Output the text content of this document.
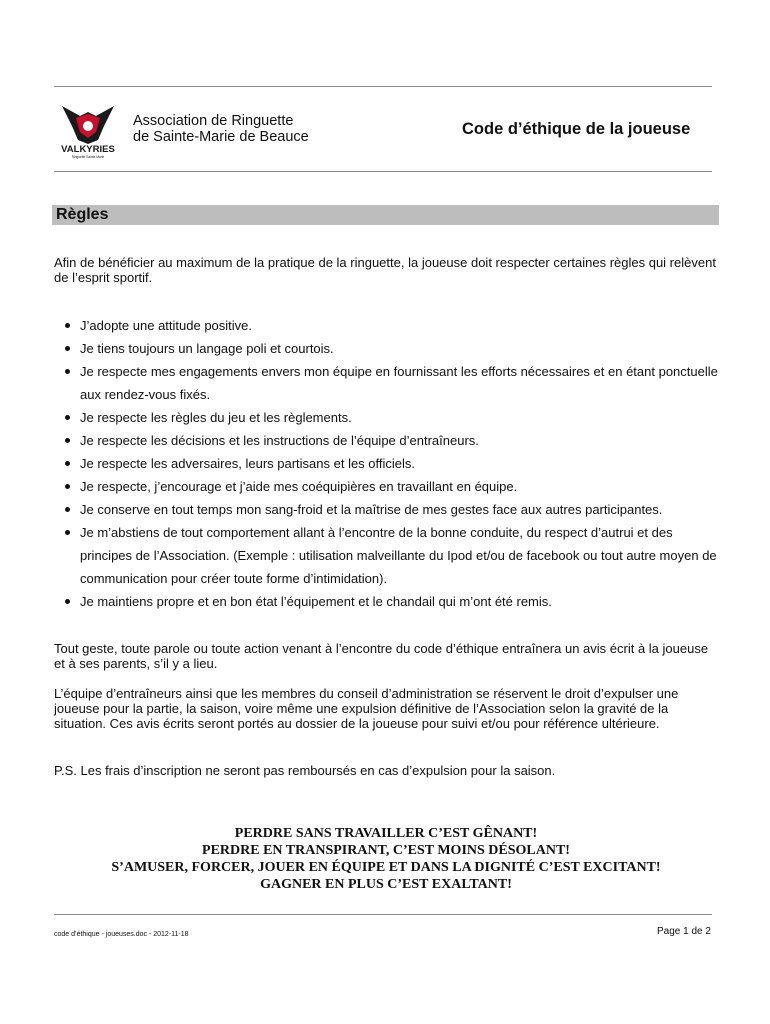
VALKYRIES
Ringuette Sainte-Marie
Association de Ringuette
de Sainte-Marie de Beauce	Code d’éthique de la joueuse
Règles
Afin de bénéficier au maximum de la pratique de la ringuette, la joueuse doit respecter certaines règles qui relèvent de l’esprit sportif.
J’adopte une attitude positive.
Je tiens toujours un langage poli et courtois.
Je respecte mes engagements envers mon équipe en fournissant les efforts nécessaires et en étant ponctuelle aux rendez-vous fixés.
Je respecte les règles du jeu et les règlements.
Je respecte les décisions et les instructions de l’équipe d’entraîneurs.
Je respecte les adversaires, leurs partisans et les officiels.
Je respecte, j’encourage et j’aide mes coéquipières en travaillant en équipe.
Je conserve en tout temps mon sang-froid et la maîtrise de mes gestes face aux autres participantes.
Je m’abstiens de tout comportement allant à l’encontre de la bonne conduite, du respect d’autrui et des principes de l’Association. (Exemple : utilisation malveillante du Ipod et/ou de facebook ou tout autre moyen de communication pour créer toute forme d’intimidation).
Je maintiens propre et en bon état l’équipement et le chandail qui m’ont été remis.
Tout geste, toute parole ou toute action venant à l’encontre du code d’éthique entraînera un avis écrit à la joueuse et à ses parents, s’il y a lieu.
L’équipe d’entraîneurs ainsi que les membres du conseil d’administration se réservent le droit d’expulser une joueuse pour la partie, la saison, voire même une expulsion définitive de l’Association selon la gravité de la situation. Ces avis écrits seront portés au dossier de la joueuse pour suivi et/ou pour référence ultérieure.
P.S. Les frais d’inscription ne seront pas remboursés en cas d’expulsion pour la saison.
PERDRE SANS TRAVAILLER C’EST GÊNANT!
PERDRE EN TRANSPIRANT, C’EST MOINS DÉSOLANT!
S’AMUSER, FORCER, JOUER EN ÉQUIPE ET DANS LA DIGNITÉ C’EST EXCITANT!
GAGNER EN PLUS C’EST EXALTANT!
code d’éthique - joueuses.doc - 2012-11-18	Page 1 de 2
